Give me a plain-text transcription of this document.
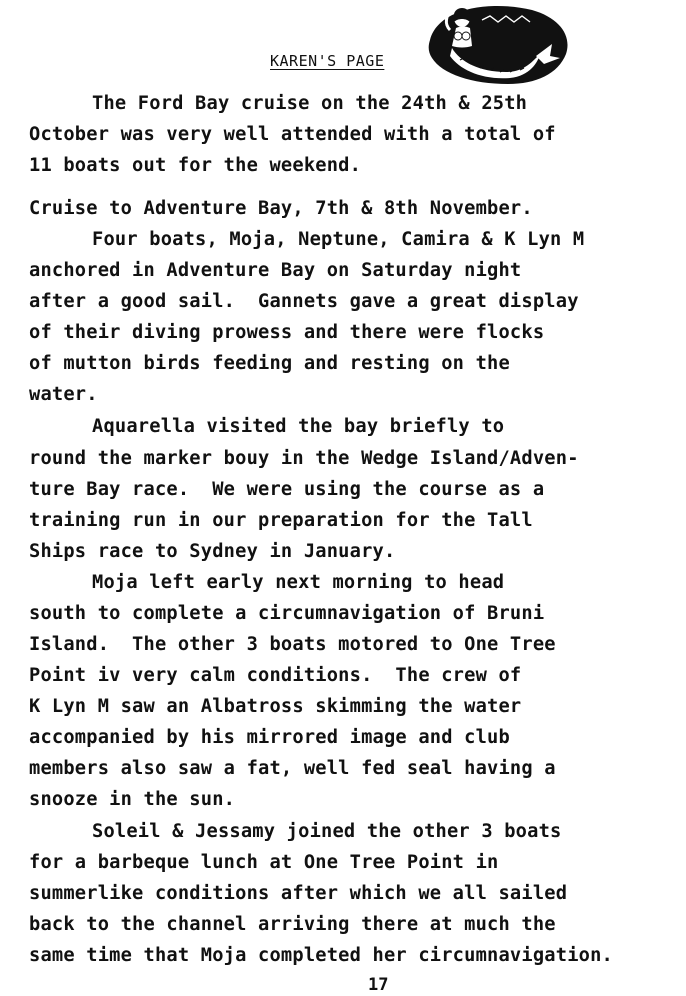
KAREN'S PAGE
The Ford Bay cruise on the 24th & 25th
October was very well attended with a total of
11 boats out for the weekend.
Cruise to Adventure Bay, 7th & 8th November.
Four boats, Moja, Neptune, Camira & K Lyn M
anchored in Adventure Bay on Saturday night
after a good sail.  Gannets gave a great display
of their diving prowess and there were flocks
of mutton birds feeding and resting on the
water.
Aquarella visited the bay briefly to
round the marker bouy in the Wedge Island/Adven-
ture Bay race.  We were using the course as a
training run in our preparation for the Tall
Ships race to Sydney in January.
Moja left early next morning to head
south to complete a circumnavigation of Bruni
Island.  The other 3 boats motored to One Tree
Point iv very calm conditions.  The crew of
K Lyn M saw an Albatross skimming the water
accompanied by his mirrored image and club
members also saw a fat, well fed seal having a
snooze in the sun.
Soleil & Jessamy joined the other 3 boats
for a barbeque lunch at One Tree Point in
summerlike conditions after which we all sailed
back to the channel arriving there at much the
same time that Moja completed her circumnavigation.
17
